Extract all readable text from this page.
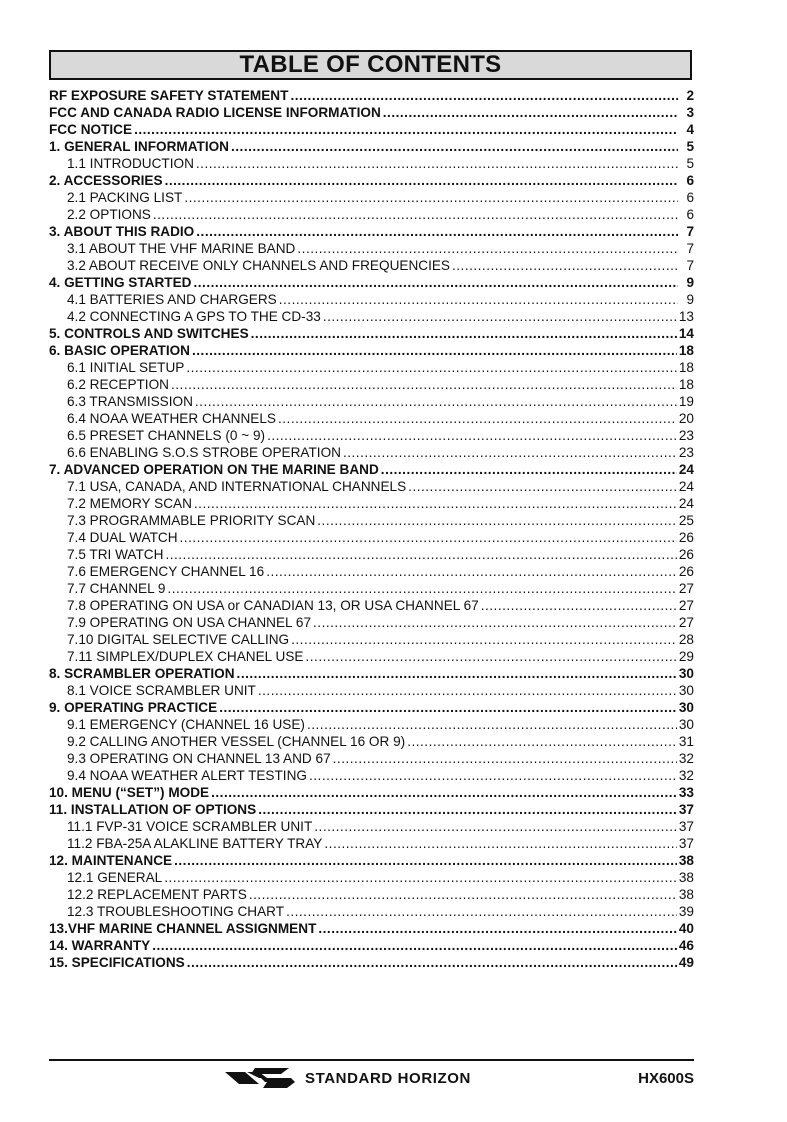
TABLE OF CONTENTS
RF EXPOSURE SAFETY STATEMENT .....	2
FCC AND CANADA RADIO LICENSE INFORMATION .....	3
FCC NOTICE .....	4
1. GENERAL INFORMATION .....	5
1.1 INTRODUCTION .....	5
2. ACCESSORIES .....	6
2.1 PACKING LIST .....	6
2.2 OPTIONS .....	6
3. ABOUT THIS RADIO .....	7
3.1 ABOUT THE VHF MARINE BAND .....	7
3.2 ABOUT RECEIVE ONLY CHANNELS AND FREQUENCIES .....	7
4. GETTING STARTED .....	9
4.1 BATTERIES AND CHARGERS .....	9
4.2 CONNECTING A GPS TO THE CD-33 .....	13
5. CONTROLS AND SWITCHES .....	14
6. BASIC OPERATION .....	18
6.1 INITIAL SETUP .....	18
6.2 RECEPTION .....	18
6.3 TRANSMISSION .....	19
6.4 NOAA WEATHER CHANNELS .....	20
6.5 PRESET CHANNELS (0 ~ 9) .....	23
6.6 ENABLING S.O.S STROBE OPERATION .....	23
7. ADVANCED OPERATION ON THE MARINE BAND .....	24
7.1 USA, CANADA, AND INTERNATIONAL CHANNELS .....	24
7.2 MEMORY SCAN .....	24
7.3 PROGRAMMABLE PRIORITY SCAN .....	25
7.4 DUAL WATCH .....	26
7.5 TRI WATCH .....	26
7.6 EMERGENCY CHANNEL 16 .....	26
7.7 CHANNEL 9 .....	27
7.8 OPERATING ON USA or CANADIAN 13, OR USA CHANNEL 67 .....	27
7.9 OPERATING ON USA CHANNEL 67 .....	27
7.10 DIGITAL SELECTIVE CALLING .....	28
7.11 SIMPLEX/DUPLEX CHANEL USE .....	29
8. SCRAMBLER OPERATION .....	30
8.1 VOICE SCRAMBLER UNIT .....	30
9. OPERATING PRACTICE .....	30
9.1 EMERGENCY (CHANNEL 16 USE) .....	30
9.2 CALLING ANOTHER VESSEL (CHANNEL 16 OR 9) .....	31
9.3 OPERATING ON CHANNEL 13 AND 67 .....	32
9.4 NOAA WEATHER ALERT TESTING .....	32
10. MENU (“SET”) MODE .....	33
11. INSTALLATION OF OPTIONS .....	37
11.1 FVP-31 VOICE SCRAMBLER UNIT .....	37
11.2 FBA-25A ALAKLINE BATTERY TRAY .....	37
12. MAINTENANCE .....	38
12.1 GENERAL .....	38
12.2 REPLACEMENT PARTS .....	38
12.3 TROUBLESHOOTING CHART .....	39
13.VHF MARINE CHANNEL ASSIGNMENT .....	40
14. WARRANTY .....	46
15. SPECIFICATIONS .....	49
STANDARD HORIZON	HX600S
